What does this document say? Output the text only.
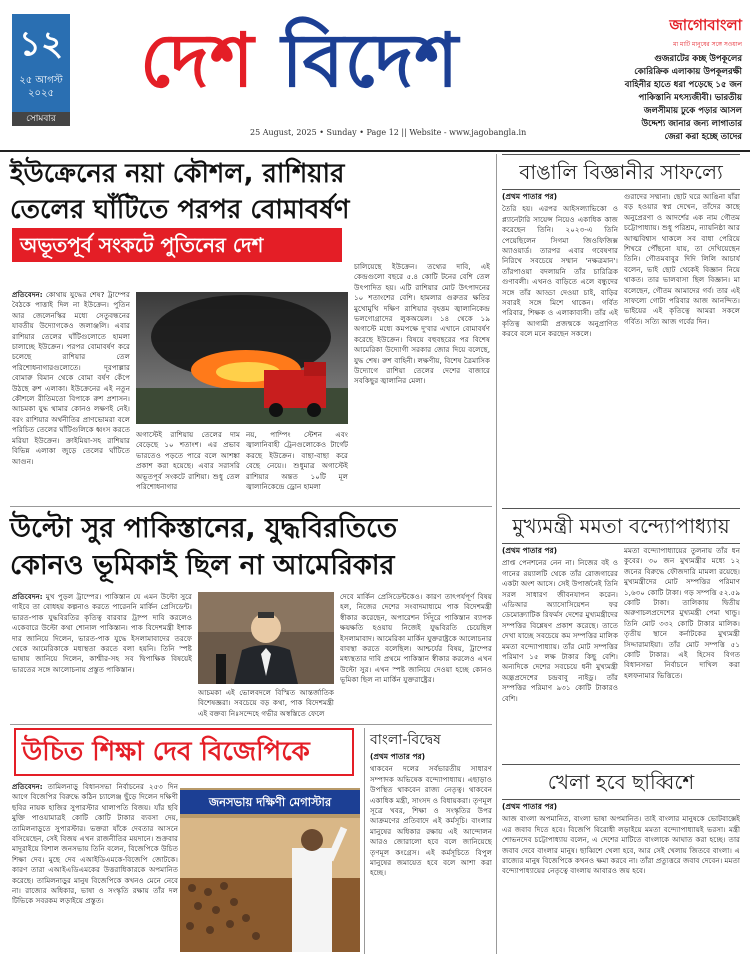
১২
২৫ আগস্ট
২০২৫
সোমবার
দেশ বিদেশ
25 August, 2025 • Sunday • Page 12 || Website - www.jagobangla.in
জাগোবাংলা
মা মাটি মানুষের সঙ্গে সওয়াল
গুজরাটের কচ্ছ উপকূলের
কোরিক্রিক এলাকায় উপকূলরক্ষী
বাহিনীর হাতে ধরা পড়েছে ১৫ জন
পাকিস্তানি মৎস্যজীবী। ভারতীয়
জলসীমায় ঢুকে পড়ার আসল
উদ্দেশ্য জানার জন্য লাগাতার
জেরা করা হচ্ছে তাদের
ইউক্রেনের নয়া কৌশল, রাশিয়ার
তেলের ঘাঁটিতে পরপর বোমাবর্ষণ
অভূতপূর্ব সংকটে পুতিনের দেশ
প্রতিবেদন: কোথায় যুদ্ধের শেষ? ট্রাম্পের বৈঠকে পাত্তাই দিল না ইউক্রেন। পুতিন আর জেলেনস্কির মধ্যে সেতুবন্ধনের যাবতীয় উদ্যোগকেও জলাঞ্জলি। এবার রাশিয়ার তেলের ঘাঁটিগুলোতে হামলা চালাচ্ছে ইউক্রেন। পরপর বোমাবর্ষণ করে চলেছে রাশিয়ার তেল পরিশোধনাগারগুলোতে। দূরপাল্লার বোমারু বিমান থেকে বোমা বর্ষণ কেঁপে উঠছে রুশ এলাকা। ইউক্রেনের এই নতুন কৌশলে রীতিমতো বিপাকে রুশ প্রশাসন। আচমকা যুদ্ধ থামার কোনও লক্ষণই নেই। বরং রাশিয়ার অর্থনীতির প্রাণভোমরা বলে পরিচিত তেলের ঘাঁটিগুলিকে ধ্বংস করতে মরিয়া ইউক্রেন। ক্রাইমিয়া-সহ রাশিয়ার বিভিন্ন এলাকা জুড়ে তেলের ঘাঁটিতে আগুন।
অগাস্টেই রাশিয়ায় তেলের দাম বেড়েছে ১০ শতাংশ। এর প্রভাব ভারতেও পড়তে পারে বলে আশঙ্কা প্রকাশ করা হয়েছে। এবার সরাসরি অভূতপূর্ব সংকটে রাশিয়া। শুধু তেল পরিশোধনাগার
নয়, পাম্পিং স্টেশন এবং জ্বালানিবাহী ট্রেনগুলোকেও টার্গেট করছে ইউক্রেন। বাছা-বাছা করে বেছে নেয়ে।। শুধুমাত্র অগাস্টেই রাশিয়ার অন্তত ১০টি মূল জ্বালানিকেন্দ্রে ড্রোন হামলা
চালিয়েছে ইউক্রেন। তথ্যের দাবি, এই কেন্দ্রগুলো বছরে ৫.৪ কোটি টনের বেশি তেল উৎপাদিত হয়। এটি রাশিয়ার মোট উৎপাদনের ১০ শতাংশের বেশি। হামলার গুরুতর ক্ষতির মুখোমুখি দক্ষিণ রাশিয়ার বৃহত্তম জ্বালানিকেন্দ্র ভলগোগ্রাদের লুকঅয়েল। ১৪ থেকে ১৯ অগাস্টে মধ্যে কমপক্ষে দু'বার এখানে বোমাবর্ষণ করেছে ইউক্রেন। বিষয়ে বহুবছরের পর বিশেষ আমেরিকা উদ্যোগী সরকার জোর দিয়ে বলেছে, যুদ্ধ শেষ। রুশ বাহিনী। লক্ষণীয়, বিশেষ ত্রৈমাসিক উদ্যোগে রাশিয়া তেলের দেশের বাজারে সবকিছুর জ্বালানির মেলা।
উল্টো সুর পাকিস্তানের, যুদ্ধবিরতিতে
কোনও ভূমিকাই ছিল না আমেরিকার
প্রতিবেদন: মুখ পুড়ল ট্রাম্পের। পাকিস্তান যে এমন উল্টো সুরে গাইবে তা বোধহয় কল্পনাও করতে পারেননি মার্কিন প্রেসিডেন্ট। ভারত-পাক যুদ্ধবিরতির কৃতিত্ব বারবার ট্রাম্প দাবি করলেও একেবারে উল্টো কথা শোনাল পাকিস্তান। পাক বিদেশমন্ত্রী ইশাক দার জানিয়ে দিলেন, ভারত-পাক যুদ্ধে ইসলামাবাদের তরফে থেকে আমেরিকাকে মধ্যস্থতা করতে বলা হয়নি। তিনি স্পষ্ট ভাষায় জানিয়ে দিলেন, কাশ্মীর-সহ সব দ্বিপাক্ষিক বিষয়েই ভারতের সঙ্গে আলোচনায় প্রস্তুত পাকিস্তান।
আচমকা এই ভোলবদলে বিস্মিত আন্তর্জাতিক বিশেষজ্ঞরা। সবচেয়ে বড় কথা, পাক বিদেশমন্ত্রী এই বক্তব্য নিঃসন্দেহে গভীর অস্বস্তিতে ফেলে
দেবে মার্কিন প্রেসিডেন্টকেও। কারণ তাৎপর্যপূর্ণ বিষয় হল, নিজের দেশের সংবাদমাধ্যমে পাক বিদেশমন্ত্রী স্বীকার করেছেন, অপারেশন সিঁদুরে পাকিস্তান ব্যাপক ক্ষয়ক্ষতি হওয়ায় নিজেই যুদ্ধবিরতি চেয়েছিল ইসলামাবাদ। আমেরিকা মার্কিন যুক্তরাষ্ট্রকে আলোচনার বাবস্থা করতে বলেছিল। আশ্চর্যের বিষয়, ট্রাম্পের মধ্যস্থতার দাবি প্রথমে পাকিস্তান স্বীকার করলেও এখন উল্টো সুর। এখন স্পষ্ট জানিয়ে দেওয়া হচ্ছে কোনও ভূমিকা ছিল না মার্কিন যুক্তরাষ্ট্রের।
উচিত শিক্ষা দেব বিজেপিকে
প্রতিবেদন: তামিলনাড়ু বিধানসভা নির্বাচনের ২৫৩ দিন আগে বিজেপির বিরুদ্ধে কঠিন চ্যালেঞ্জ ছুঁড়ে দিলেন দক্ষিণী ছবির নায়ক হাজির সুপারস্টার থালাপতি বিজয়। যাঁর ছবি মুক্তি পাওয়ামাত্রই কোটি কোটি টাকার ব্যবসা দেয়, তামিলনাড়ুতে সুপারস্টার। ভক্তরা যাঁকে দেবতার আসনে বসিয়েছেন, সেই বিজয় এখন রাজনীতির ময়দানে। শুক্রবার মাদুরাইয়ে বিশাল জনসভায় তিনি বলেন, বিজেপিকে উচিত শিক্ষা দেব। মুছে দেব এআইডিএমকে-বিজেপি জোটকে। কারণ তারা এআইএডিএমকের উত্তরাধিকারকে অপমানিত করেছে। তামিলনাড়ুর মানুষ বিজেপিকে কখনও মেনে নেবে না। রাজ্যের অধিকার, ভাষা ও সংস্কৃতি রক্ষায় তাঁর দল টিভিকে সবরকম লড়াইয়ে প্রস্তুত।
জনসভায় দক্ষিণী মেগাস্টার
বাংলা-বিদ্বেষ
(প্রথম পাতার পর)
থাকবেন দলের সর্বভারতীয় সাধারণ সম্পাদক অভিষেক বন্দ্যোপাধ্যায়। এছাড়াও উপস্থিত থাকবেন রাজ্য নেতৃত্ব। থাকবেন একাধিক মন্ত্রী, সাংসদ ও বিধায়করা। তৃণমূল সূত্রে খবর, শিক্ষা ও সংস্কৃতির উপর আক্রমণের প্রতিবাদে এই কর্মসূচি। বাংলার মানুষের অধিকার রক্ষায় এই আন্দোলন আরও জোরালো হবে বলে জানিয়েছে তৃণমূল কংগ্রেস। এই কর্মসূচিতে বিপুল মানুষের জমায়েত হবে বলে আশা করা হচ্ছে।
বাঙালি বিজ্ঞানীর সাফল্যে
(প্রথম পাতার পর)
তৈরি হয়। এরপর আইসল্যাভিকো ও প্ল্যানেটারি সায়েন্স নিয়েও একাধিক কাজ করেছেন তিনি। ২০২৩-এ তিনি পেয়েছিলেন সিগমা জিওফিজিক্স অ্যাওয়ার্ড। তারপর এবার গবেষণার নিরিখে সবচেয়ে সম্মান 'নক্ষত্রমান'। তাঁরপাওয়া বদলায়নি তাঁর চারিত্রিক গুণাবলী। এখনও বাড়িতে এলে বন্ধুদের সঙ্গে তাঁর আড্ডা দেওয়া চাই, বাড়ির সবারই সঙ্গে মিশে থাকেন। গর্বিত পরিবার, শিক্ষক ও এলাকাবাসী। তাঁর এই কৃতিত্ব আগামী প্রজন্মকে অনুপ্রাণিত করবে বলে মনে করছেন সকলে।
গুরাদের সম্মানা। ছোট ঘরে আঙিনা যাঁরা বড় হওয়ার স্বপ্ন দেখেন, তাঁদের কাছে অনুপ্রেরণা ও আদর্শের এক নাম গৌতম চট্টোপাধ্যায়। শুধু পরিশ্রম, ন্যায়নিষ্ঠা আর আত্মবিশ্বাস থাকলে সব বাধা পেরিয়ে শিখরে পৌঁছনো যায়, তা দেখিয়েছেন তিনি। গৌতমবাবুর দিদি লিলি আচার্য বলেন, ভাই ছোট থেকেই বিজ্ঞান নিয়ে থাকত। তার ভালবাসা ছিল বিজ্ঞান। মা বলেছেন, গৌতম আমাদের গর্ব। তার এই সাফল্যে গোটা পরিবার আজ আনন্দিত। ভাইয়ের এই কৃতিত্বে আমরা সকলে গর্বিত। সত্যি আজ গর্বের দিন।
মুখ্যমন্ত্রী মমতা বন্দ্যোপাধ্যায়
(প্রথম পাতার পর)
প্রাপ্ত পেনশনের নেন না। নিজের বই ও গানের রয়্যালটি থেকে তাঁর রোজগারের একটা অংশ আসে। সেই উপার্জনেই তিনি সরল সাধারণ জীবনযাপন করেন। এডিআর অ্যাসোসিয়েশন ফর ডেমোক্র্যাটিক রিফর্মস দেশের মুখ্যমন্ত্রীদের সম্পত্তির বিশ্লেষণ প্রকাশ করেছে। তাতে দেখা যাচ্ছে সবচেয়ে কম সম্পত্তির মালিক মমতা বন্দ্যোপাধ্যায়। তাঁর মোট সম্পত্তির পরিমাণ ১৫ লক্ষ টাকার কিছু বেশি। অন্যদিকে দেশের সবচেয়ে ধনী মুখ্যমন্ত্রী অন্ধ্রপ্রদেশের চন্দ্রবাবু নাইডু। তাঁর সম্পত্তির পরিমাণ ৯৩১ কোটি টাকারও বেশি।
মমতা বন্দ্যোপাধ্যায়ের তুলনায় তাঁর ধন কুবের। ৩০ জন মুখ্যমন্ত্রীর মধ্যে ১২ জনের বিরুদ্ধে ফৌজদারি মামলা রয়েছে। মুখ্যমন্ত্রীদের মোট সম্পত্তির পরিমাণ ১,৬৩০ কোটি টাকা। গড় সম্পত্তি ৫২.৫৯ কোটি টাকা। তালিকায় দ্বিতীয় অরুণাচলপ্রদেশের মুখ্যমন্ত্রী পেমা খান্ডু। তিনি মোট ৩৩২ কোটি টাকার মালিক। তৃতীয় স্থানে কর্নাটকের মুখ্যমন্ত্রী সিদ্দারামাইয়া। তাঁর মোট সম্পত্তি ৫১ কোটি টাকার। এই হিসেব বিগত বিধানসভা নির্বাচনে দাখিল করা হলফনামার ভিত্তিতে।
খেলা হবে ছাব্বিশে
(প্রথম পাতার পর)
আজ বাংলা অপমানিত, বাংলা ভাষা অপমানিত। তাই বাংলার মানুষকে ভোটবাক্সেই এর জবাব দিতে হবে। বিজেপি বিরোধী লড়াইয়ে মমতা বন্দ্যোপাধ্যায়ই ভরসা। মন্ত্রী শোভনদেব চট্টোপাধ্যায় বলেন, এ দেশের মাটিতে বাংলাকে আঘাত করা হচ্ছে। তার জবাব দেবে বাংলার মানুষ। ছাব্বিশে খেলা হবে, আর সেই খেলায় জিতবে বাংলা। এ রাজ্যের মানুষ বিজেপিকে কখনও ক্ষমা করবে না। তাঁরা প্রত্যুত্তরে জবাব দেবেন। মমতা বন্দ্যোপাধ্যায়ের নেতৃত্বে বাংলায় আবারও জয় হবে।
